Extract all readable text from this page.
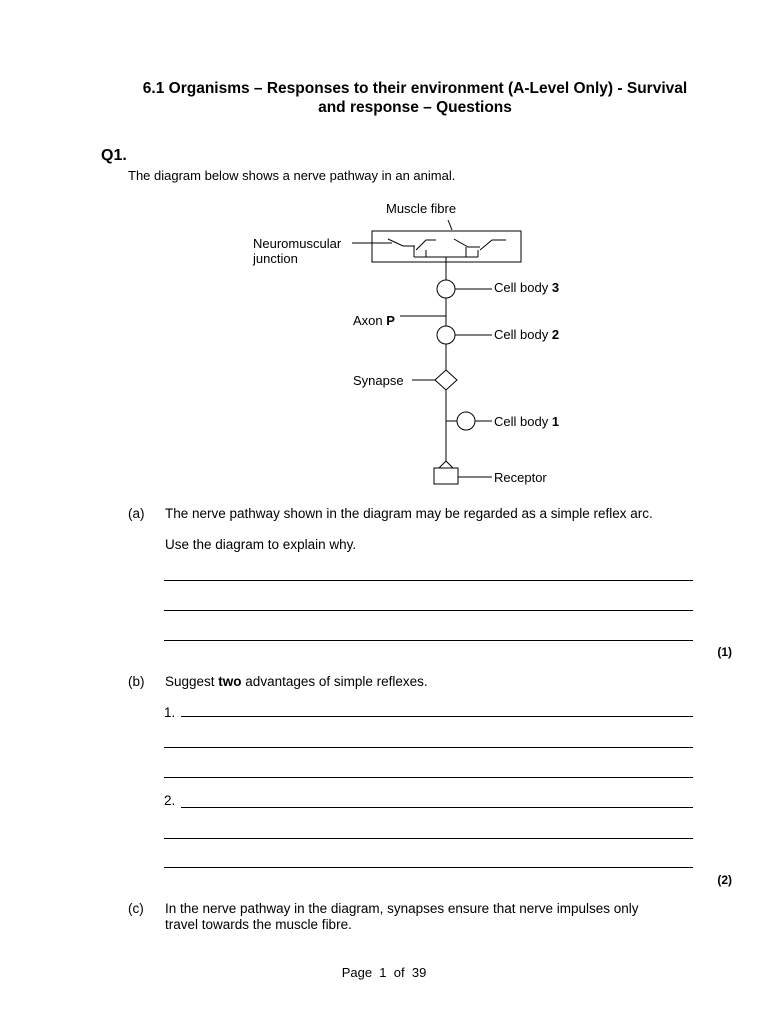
6.1 Organisms – Responses to their environment (A-Level Only) - Survival
and response – Questions
Q1.
The diagram below shows a nerve pathway in an animal.
Muscle fibre
Neuromuscular
junction
Cell body 3
Axon P
Cell body 2
Synapse
Cell body 1
Receptor
(a) The nerve pathway shown in the diagram may be regarded as a simple reflex arc.
Use the diagram to explain why.
(1)
(b) Suggest two advantages of simple reflexes.
1.
2.
(2)
(c) In the nerve pathway in the diagram, synapses ensure that nerve impulses only
travel towards the muscle fibre.
Page 1 of 39
